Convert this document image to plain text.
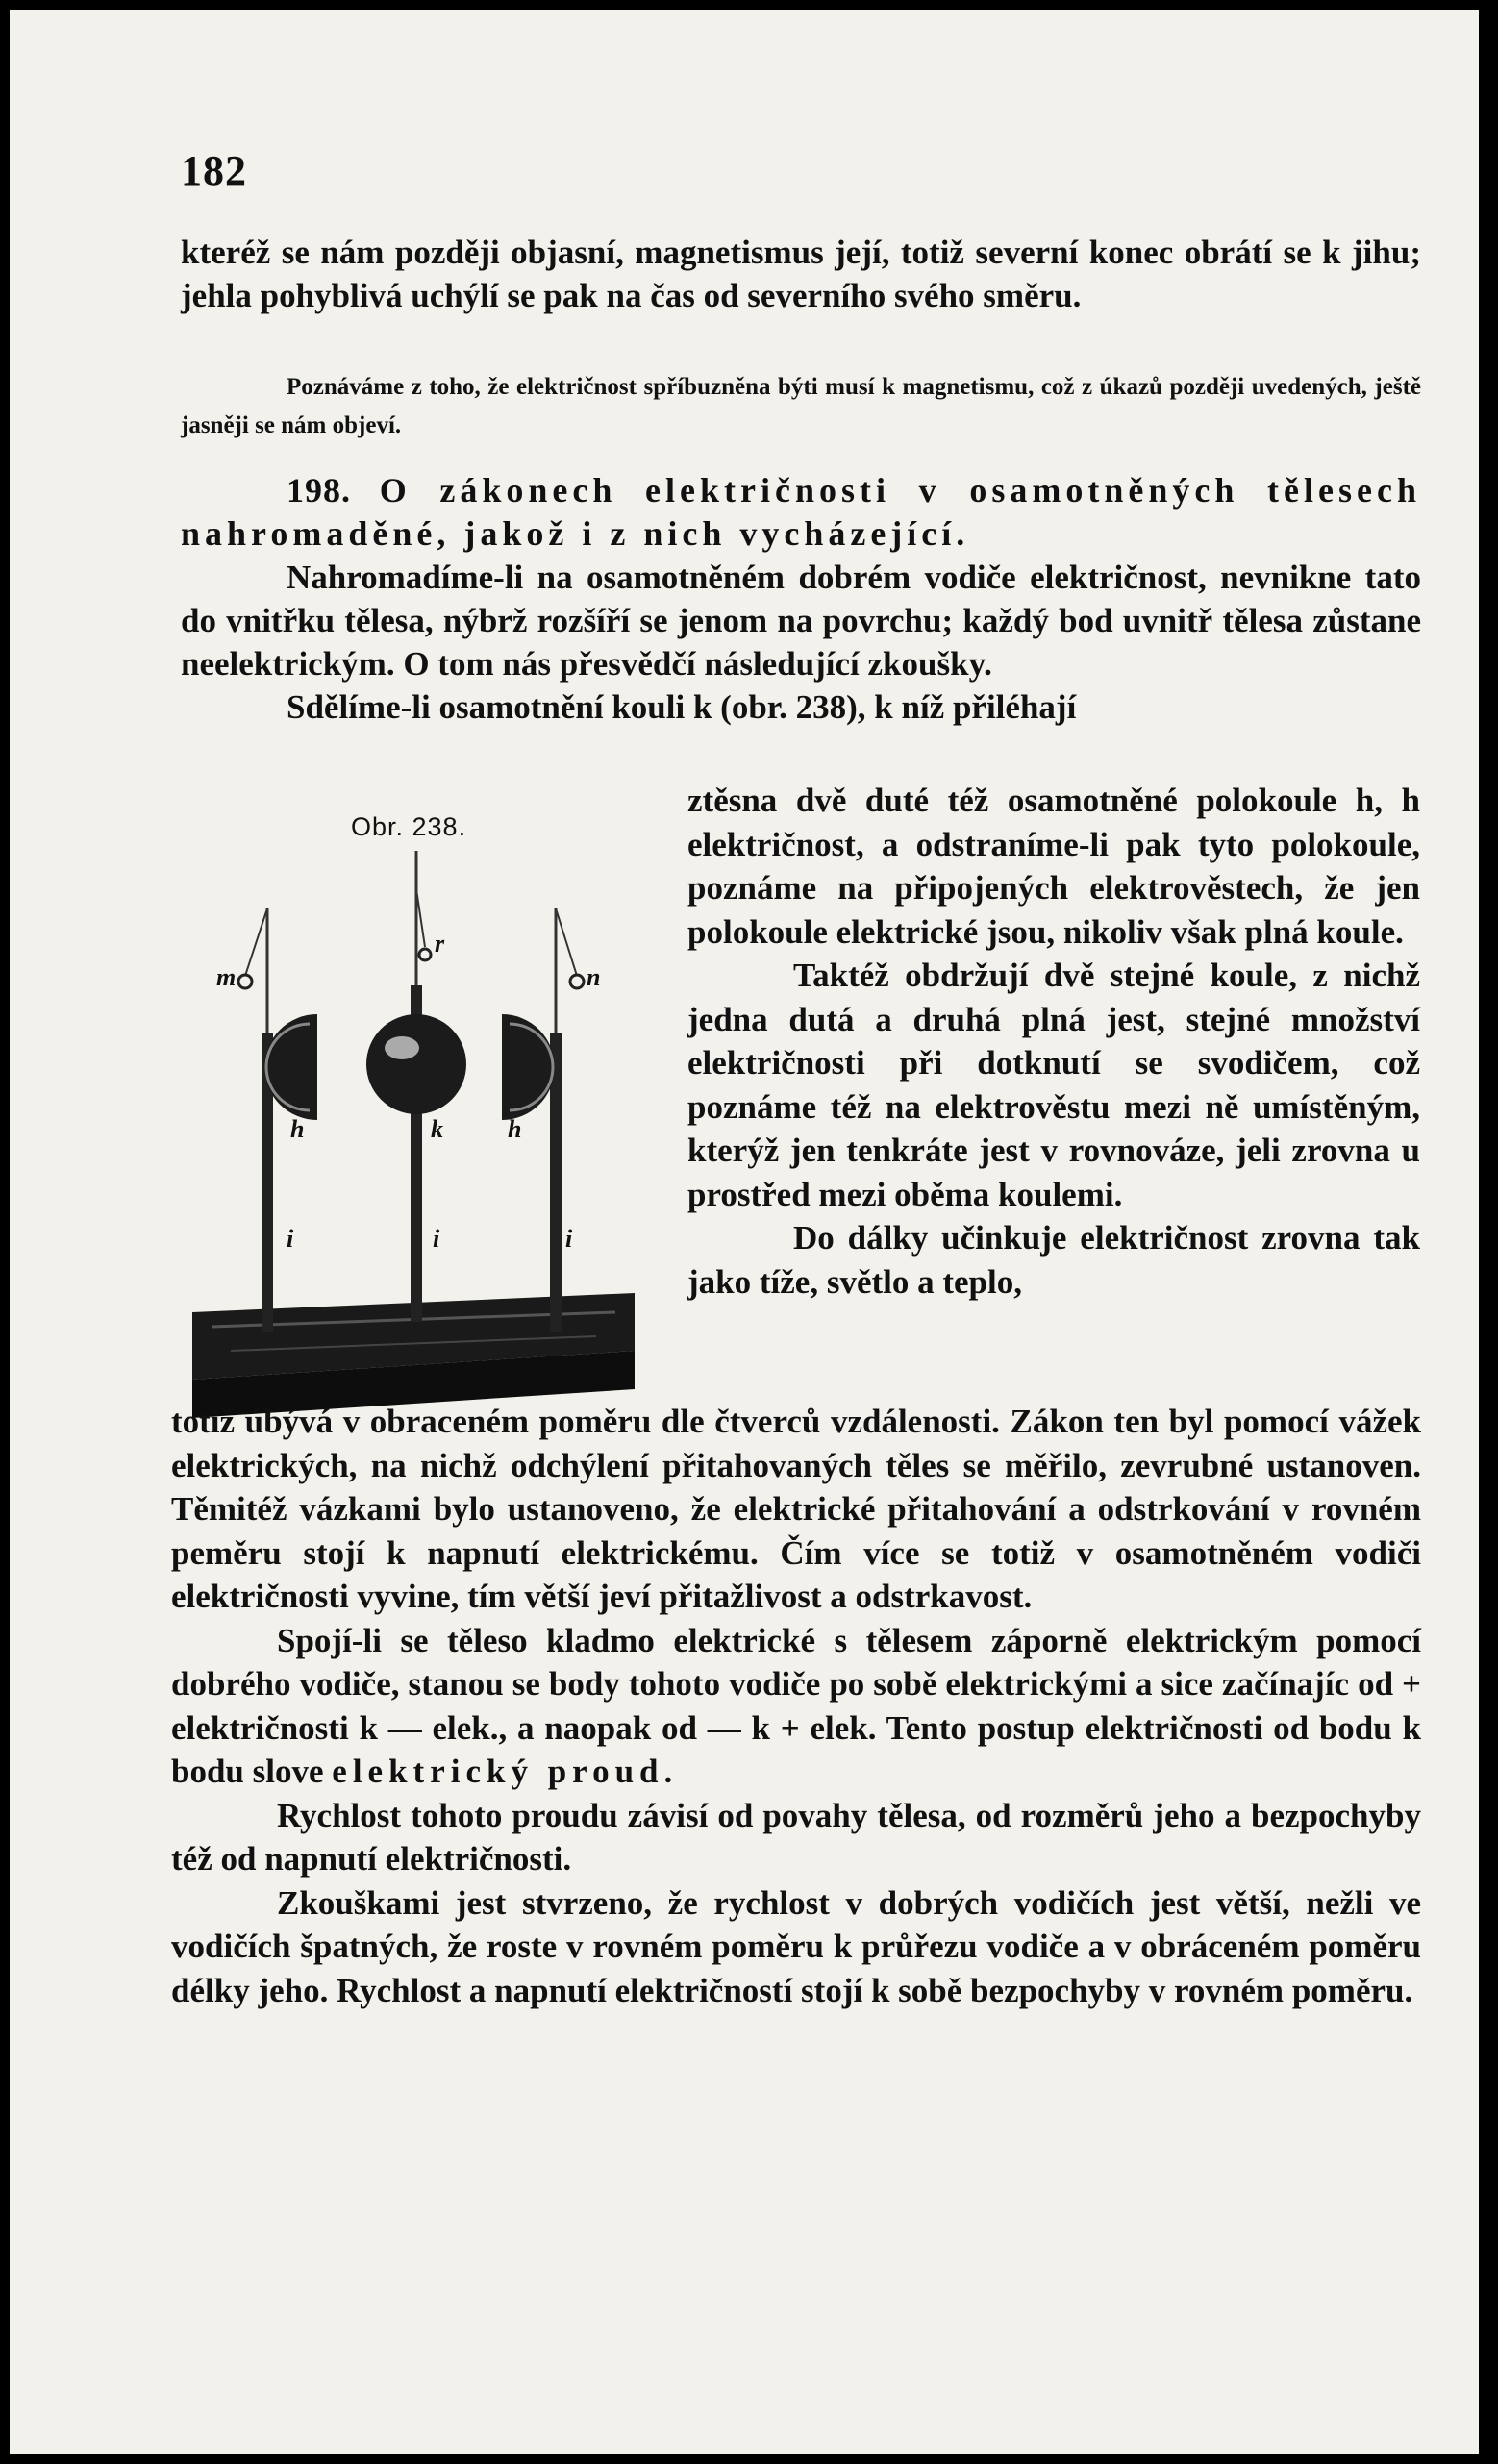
182

kteréž se nám později objasní, magnetismus její, totiž severní konec obrátí se k jihu; jehla pohyblivá uchýlí se pak na čas od severního svého směru.

Poznáváme z toho, že električnost spříbuzněna býti musí k magnetismu, což z úkazů později uvedených, ještě jasněji se nám objeví.

198. O zákonech električnosti v osamotněných tělesech nahromaděné, jakož i z nich vycházející.

Nahromadíme-li na osamotněném dobrém vodiče električnost, nevnikne tato do vnitřku tělesa, nýbrž rozšíří se jenom na povrchu; každý bod uvnitř tělesa zůstane neelektrickým. O tom nás přesvědčí následující zkoušky.

Sdělíme-li osamotnění kouli k (obr. 238), k níž přiléhají

Obr. 238.
m
r
n
h	k	h
i	i	i

ztěsna dvě duté též osamotněné polokoule h, h električnost, a odstraníme-li pak tyto polokoule, poznáme na připojených elektrověstech, že jen polokoule elektrické jsou, nikoliv však plná koule.

Taktéž obdržují dvě stejné koule, z nichž jedna dutá a druhá plná jest, stejné množství električnosti při dotknutí se svodičem, což poznáme též na elektrověstu mezi ně umístěným, kterýž jen tenkráte jest v rovnováze, jeli zrovna u prostřed mezi oběma koulemi.

Do dálky učinkuje električnost zrovna tak jako tíže, světlo a teplo,

totiž úbývá v obraceném poměru dle čtverců vzdálenosti. Zákon ten byl pomocí vážek elektrických, na nichž odchýlení přitahovaných těles se měřilo, zevrubné ustanoven. Těmitéž vázkami bylo ustanoveno, že elektrické přitahování a odstrkování v rovném peměru stojí k napnutí elektrickému. Čím více se totiž v osamotněném vodiči električnosti vyvine, tím větší jeví přitažlivost a odstrkavost.

Spojí-li se těleso kladmo elektrické s tělesem záporně elektrickým pomocí dobrého vodiče, stanou se body tohoto vodiče po sobě elektrickými a sice začínajíc od + električnosti k — elek., a naopak od — k + elek. Tento postup električnosti od bodu k bodu slove elektrický proud.

Rychlost tohoto proudu závisí od povahy tělesa, od rozměrů jeho a bezpochyby též od napnutí električnosti.

Zkouškami jest stvrzeno, že rychlost v dobrých vodičích jest větší, nežli ve vodičích špatných, že roste v rovném poměru k průřezu vodiče a v obráceném poměru délky jeho. Rychlost a napnutí električností stojí k sobě bezpochyby v rovném poměru.
